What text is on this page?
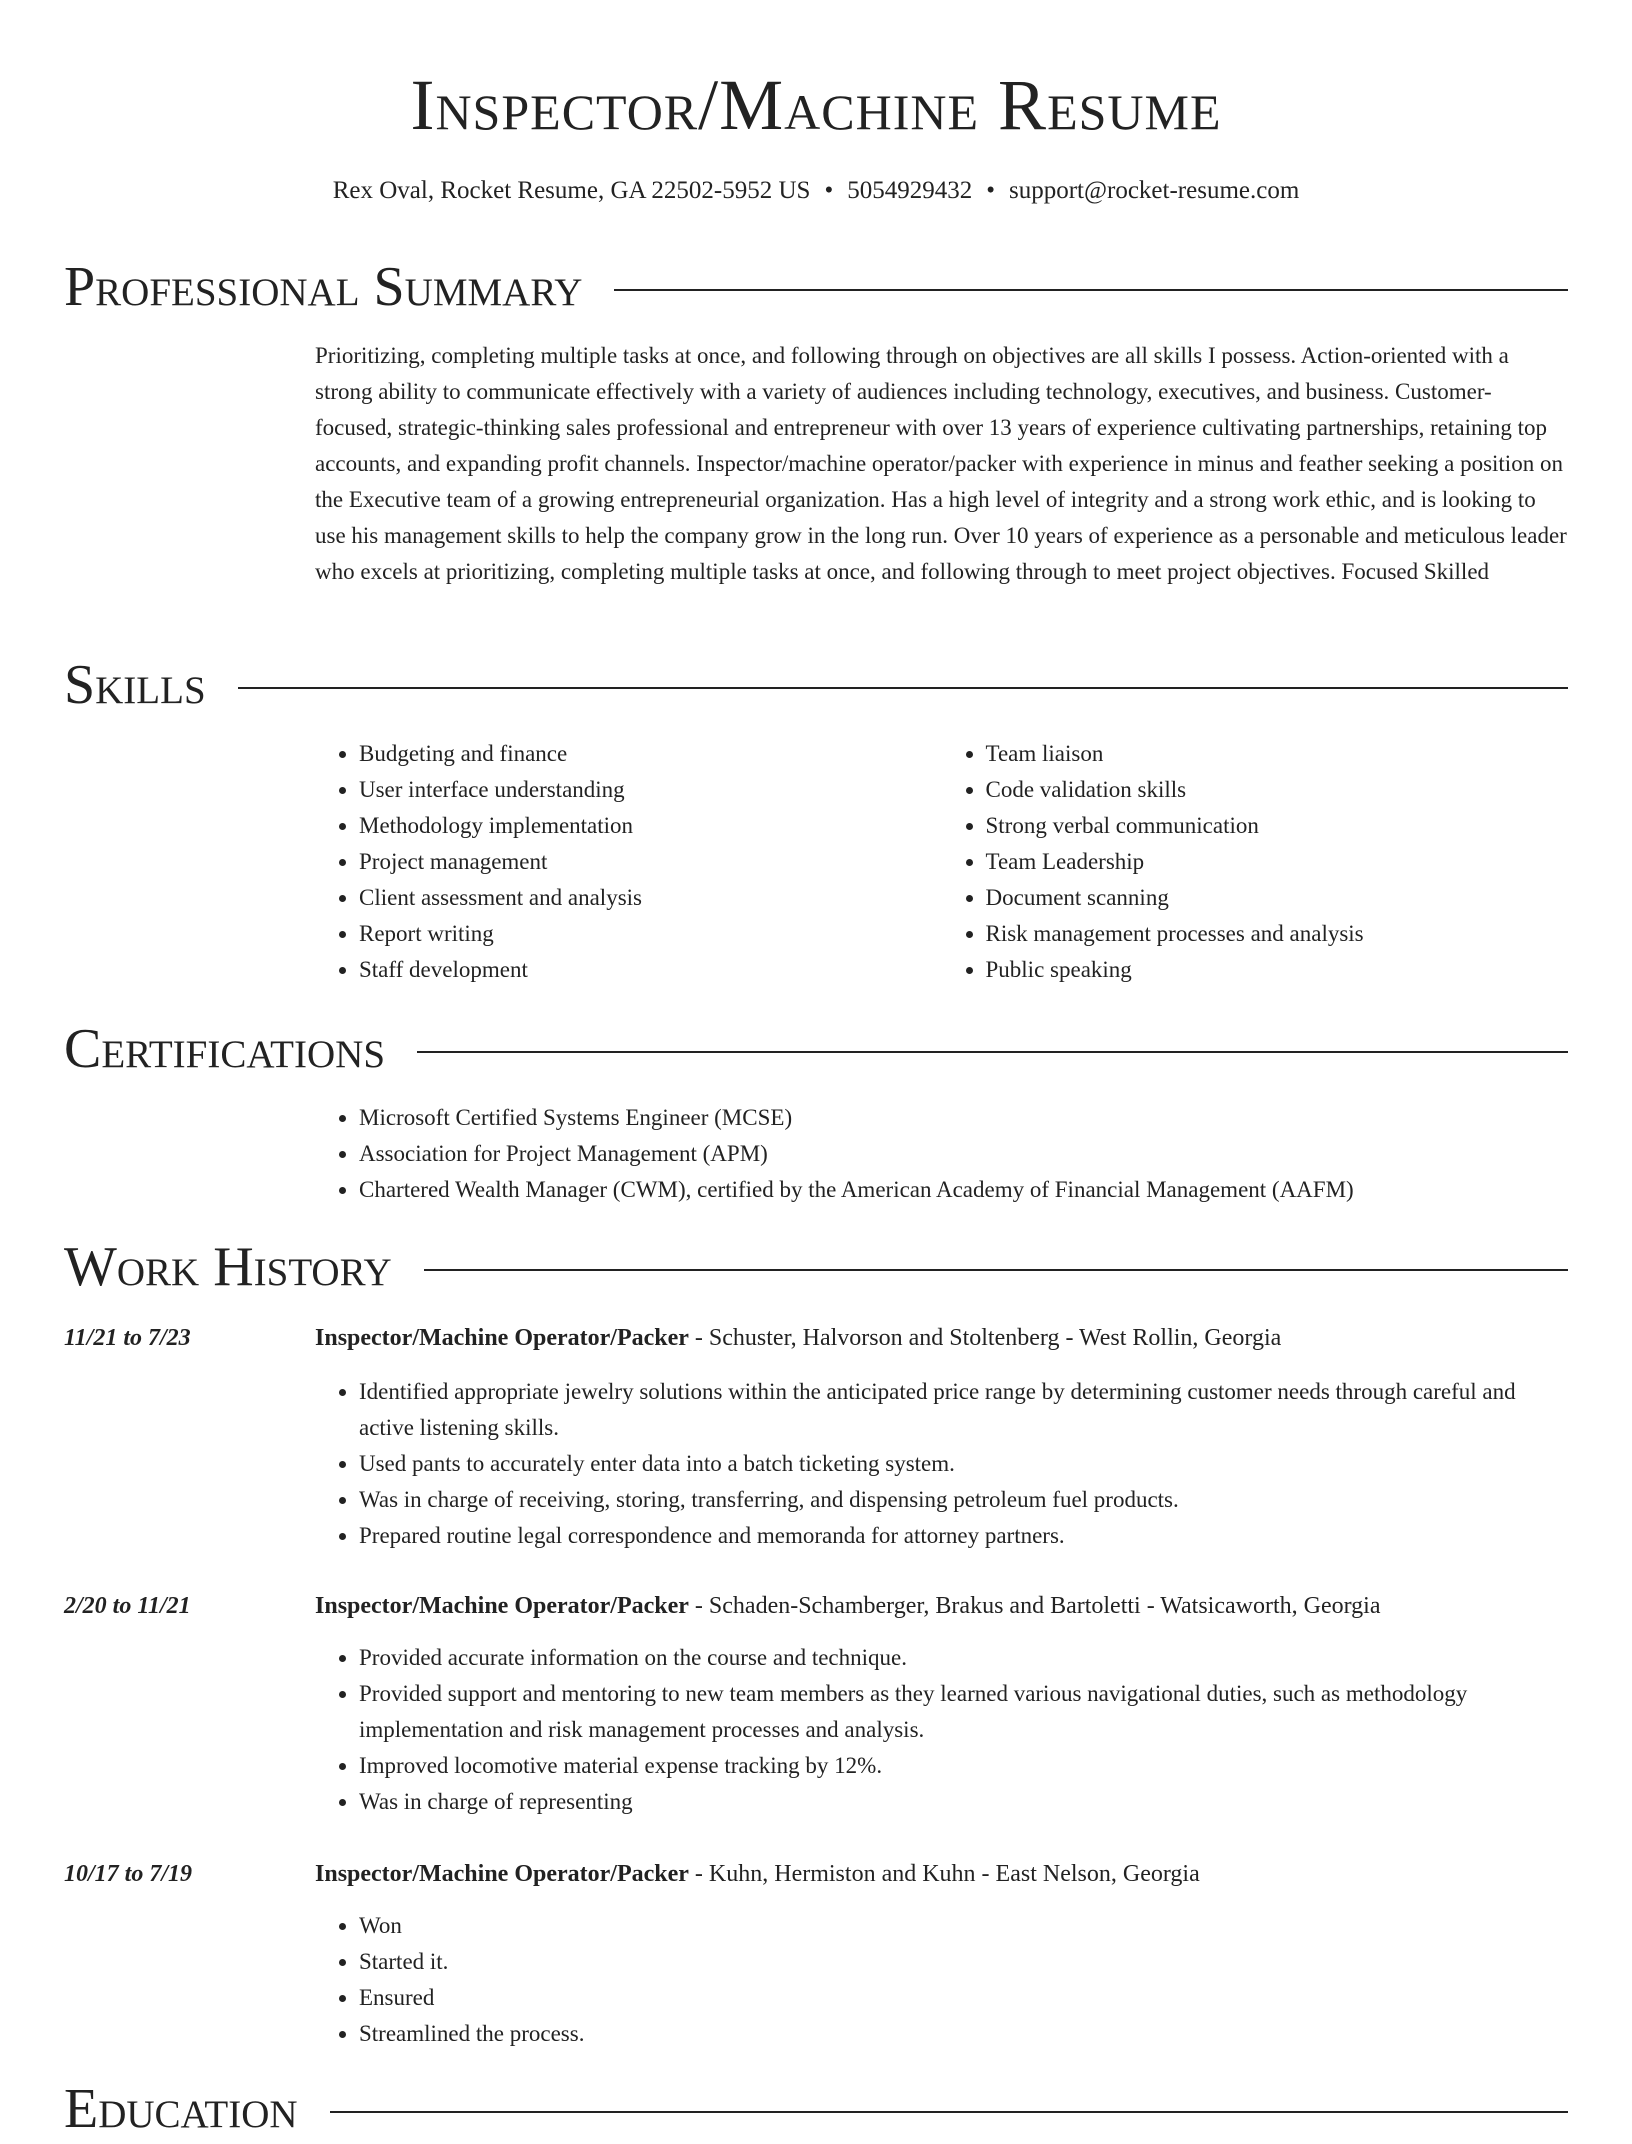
Inspector/Machine Resume
Rex Oval, Rocket Resume, GA 22502-5952 US • 5054929432 • support@rocket-resume.com
Professional Summary
Prioritizing, completing multiple tasks at once, and following through on objectives are all skills I possess. Action-oriented with a strong ability to communicate effectively with a variety of audiences including technology, executives, and business. Customer-focused, strategic-thinking sales professional and entrepreneur with over 13 years of experience cultivating partnerships, retaining top accounts, and expanding profit channels. Inspector/machine operator/packer with experience in minus and feather seeking a position on the Executive team of a growing entrepreneurial organization. Has a high level of integrity and a strong work ethic, and is looking to use his management skills to help the company grow in the long run. Over 10 years of experience as a personable and meticulous leader who excels at prioritizing, completing multiple tasks at once, and following through to meet project objectives. Focused Skilled
Skills
• Budgeting and finance
• User interface understanding
• Methodology implementation
• Project management
• Client assessment and analysis
• Report writing
• Staff development
• Team liaison
• Code validation skills
• Strong verbal communication
• Team Leadership
• Document scanning
• Risk management processes and analysis
• Public speaking
Certifications
• Microsoft Certified Systems Engineer (MCSE)
• Association for Project Management (APM)
• Chartered Wealth Manager (CWM), certified by the American Academy of Financial Management (AAFM)
Work History
11/21 to 7/23	Inspector/Machine Operator/Packer - Schuster, Halvorson and Stoltenberg - West Rollin, Georgia
• Identified appropriate jewelry solutions within the anticipated price range by determining customer needs through careful and active listening skills.
• Used pants to accurately enter data into a batch ticketing system.
• Was in charge of receiving, storing, transferring, and dispensing petroleum fuel products.
• Prepared routine legal correspondence and memoranda for attorney partners.
2/20 to 11/21	Inspector/Machine Operator/Packer - Schaden-Schamberger, Brakus and Bartoletti - Watsicaworth, Georgia
• Provided accurate information on the course and technique.
• Provided support and mentoring to new team members as they learned various navigational duties, such as methodology implementation and risk management processes and analysis.
• Improved locomotive material expense tracking by 12%.
• Was in charge of representing
10/17 to 7/19	Inspector/Machine Operator/Packer - Kuhn, Hermiston and Kuhn - East Nelson, Georgia
• Won
• Started it.
• Ensured
• Streamlined the process.
Education
